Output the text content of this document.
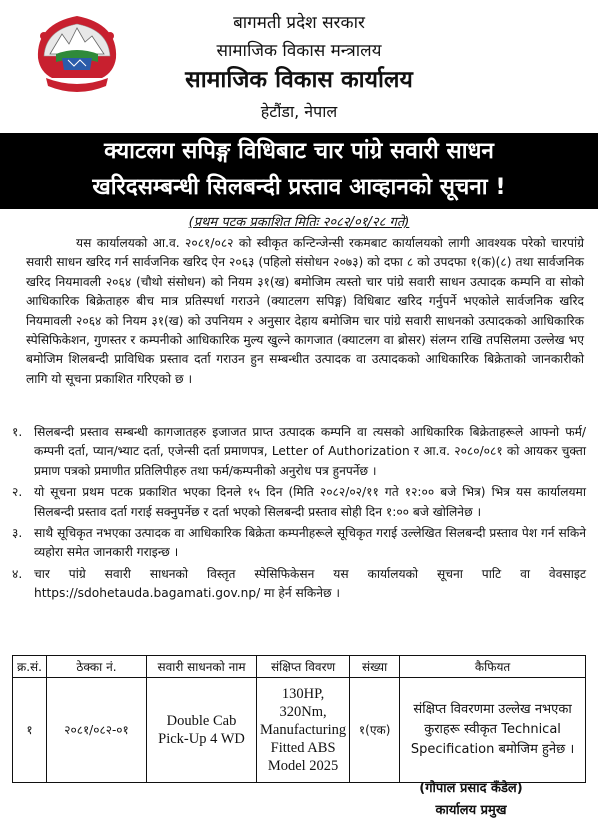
बागमती प्रदेश सरकार
सामाजिक विकास मन्त्रालय
सामाजिक विकास कार्यालय
हेटौंडा, नेपाल
क्याटलग सपिङ्ग विधिबाट चार पांग्रे सवारी साधन
खरिदसम्बन्धी सिलबन्दी प्रस्ताव आव्हानको सूचना !
(प्रथम पटक प्रकाशित मितिः २०८२/०१/२८ गते)
यस कार्यालयको आ.व. २०८१/०८२ को स्वीकृत कन्टिन्जेन्सी रकमबाट कार्यालयको लागी आवश्यक परेको चारपांग्रे सवारी साधन खरिद गर्न सार्वजनिक खरिद ऐन २०६३ (पहिलो संसोधन २०७३) को दफा ८ को उपदफा १(क)(८) तथा सार्वजनिक खरिद नियमावली २०६४ (चौथो संसोधन) को नियम ३१(ख) बमोजिम त्यस्तो चार पांग्रे सवारी साधन उत्पादक कम्पनि वा सोको आधिकारिक बिक्रेताहरु बीच मात्र प्रतिस्पर्धा गराउने (क्याटलग सपिङ्ग) विधिबाट खरिद गर्नुपर्ने भएकोले सार्वजनिक खरिद नियमावली २०६४ को नियम ३१(ख) को उपनियम २ अनुसार देहाय बमोजिम चार पांग्रे सवारी साधनको उत्पादकको आधिकारिक स्पेसिफिकेशन, गुणस्तर र कम्पनीको आधिकारिक मुल्य खुल्ने कागजात (क्याटलग वा ब्रोसर) संलग्न राखि तपसिलमा उल्लेख भए बमोजिम शिलबन्दी प्राविधिक प्रस्ताव दर्ता गराउन हुन सम्बन्धीत उत्पादक वा उत्पादकको आधिकारिक बिक्रेताको जानकारीको लागि यो सूचना प्रकाशित गरिएको छ ।
१. सिलबन्दी प्रस्ताव सम्बन्धी कागजातहरु इजाजत प्राप्त उत्पादक कम्पनि वा त्यसको आधिकारिक बिक्रेताहरूले आफ्नो फर्म/कम्पनी दर्ता, प्यान/भ्याट दर्ता, एजेन्सी दर्ता प्रमाणपत्र, Letter of Authorization र आ.व. २०८०/०८१ को आयकर चुक्ता प्रमाण पत्रको प्रमाणीत प्रतिलिपीहरु तथा फर्म/कम्पनीको अनुरोध पत्र हुनपर्नेछ ।
२. यो सूचना प्रथम पटक प्रकाशित भएका दिनले १५ दिन (मिति २०८२/०२/११ गते १२:०० बजे भित्र) भित्र यस कार्यालयमा सिलबन्दी प्रस्ताव दर्ता गराई सक्नुपर्नेछ र दर्ता भएको सिलबन्दी प्रस्ताव सोही दिन १:०० बजे खोलिनेछ ।
३. साथै सूचिकृत नभएका उत्पादक वा आधिकारिक बिक्रेता कम्पनीहरूले सूचिकृत गराई उल्लेखित सिलबन्दी प्रस्ताव पेश गर्न सकिने व्यहोरा समेत जानकारी गराइन्छ ।
४. चार पांग्रे सवारी साधनको विस्तृत स्पेसिफिकेसन यस कार्यालयको सूचना पाटि वा वेवसाइट https://sdohetauda.bagamati.gov.np/ मा हेर्न सकिनेछ ।
क्र.सं.	ठेक्का नं.	सवारी साधनको नाम	संक्षिप्त विवरण	संख्या	कैफियत
१	२०८१/०८२-०१	Double Cab Pick-Up 4 WD	130HP, 320Nm, Manufacturing Fitted ABS Model 2025	१(एक)	संक्षिप्त विवरणमा उल्लेख नभएका कुराहरू स्वीकृत Technical Specification बमोजिम हुनेछ ।
(गोपाल प्रसाद कँडेल)
कार्यालय प्रमुख
